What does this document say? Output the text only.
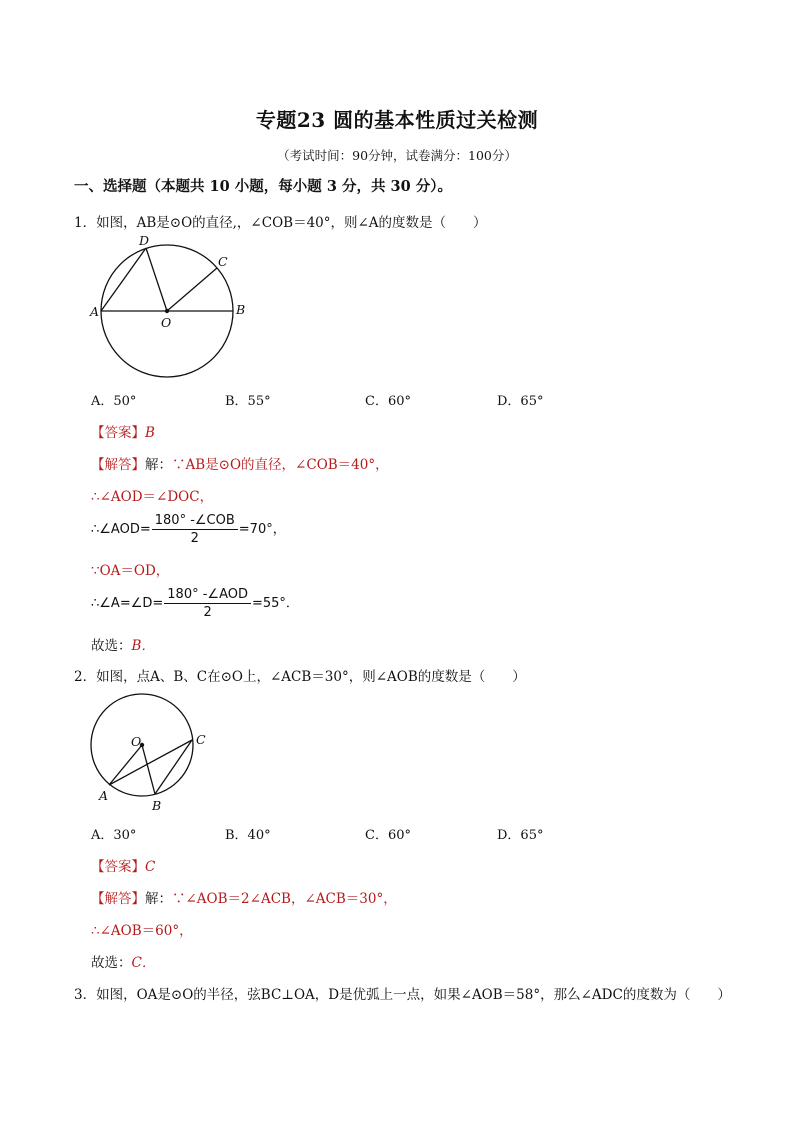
专题23 圆的基本性质过关检测
（考试时间：90分钟，试卷满分：100分）
一、选择题（本题共 10 小题，每小题 3 分，共 30 分）。
1．如图，AB是⊙O的直径,，∠COB＝40°，则∠A的度数是（　　）
A	B
C
D
O
A．50°	B．55°	C．60°	D．65°
【答案】B
【解答】解：∵AB是⊙O的直径，∠COB＝40°，
∴∠AOD＝∠DOC，
∴∠AOD= $\frac{\text{180° -∠COB}}{2} =70^\circ$，
∵OA＝OD，
∴∠A=∠D= $\frac{\text{180° -∠AOD}}{2} =55^\circ$．
故选：B．
2．如图，点A、B、C在⊙O上，∠ACB＝30°，则∠AOB的度数是（　　）
O	C
A
B
A．30°	B．40°	C．60°	D．65°
【答案】C
【解答】解：∵∠AOB＝2∠ACB，∠ACB＝30°，
∴∠AOB＝60°，
故选：C．
3．如图，OA是⊙O的半径，弦BC⊥OA，D是优弧上一点，如果∠AOB＝58°，那么∠ADC的度数为（　　）
